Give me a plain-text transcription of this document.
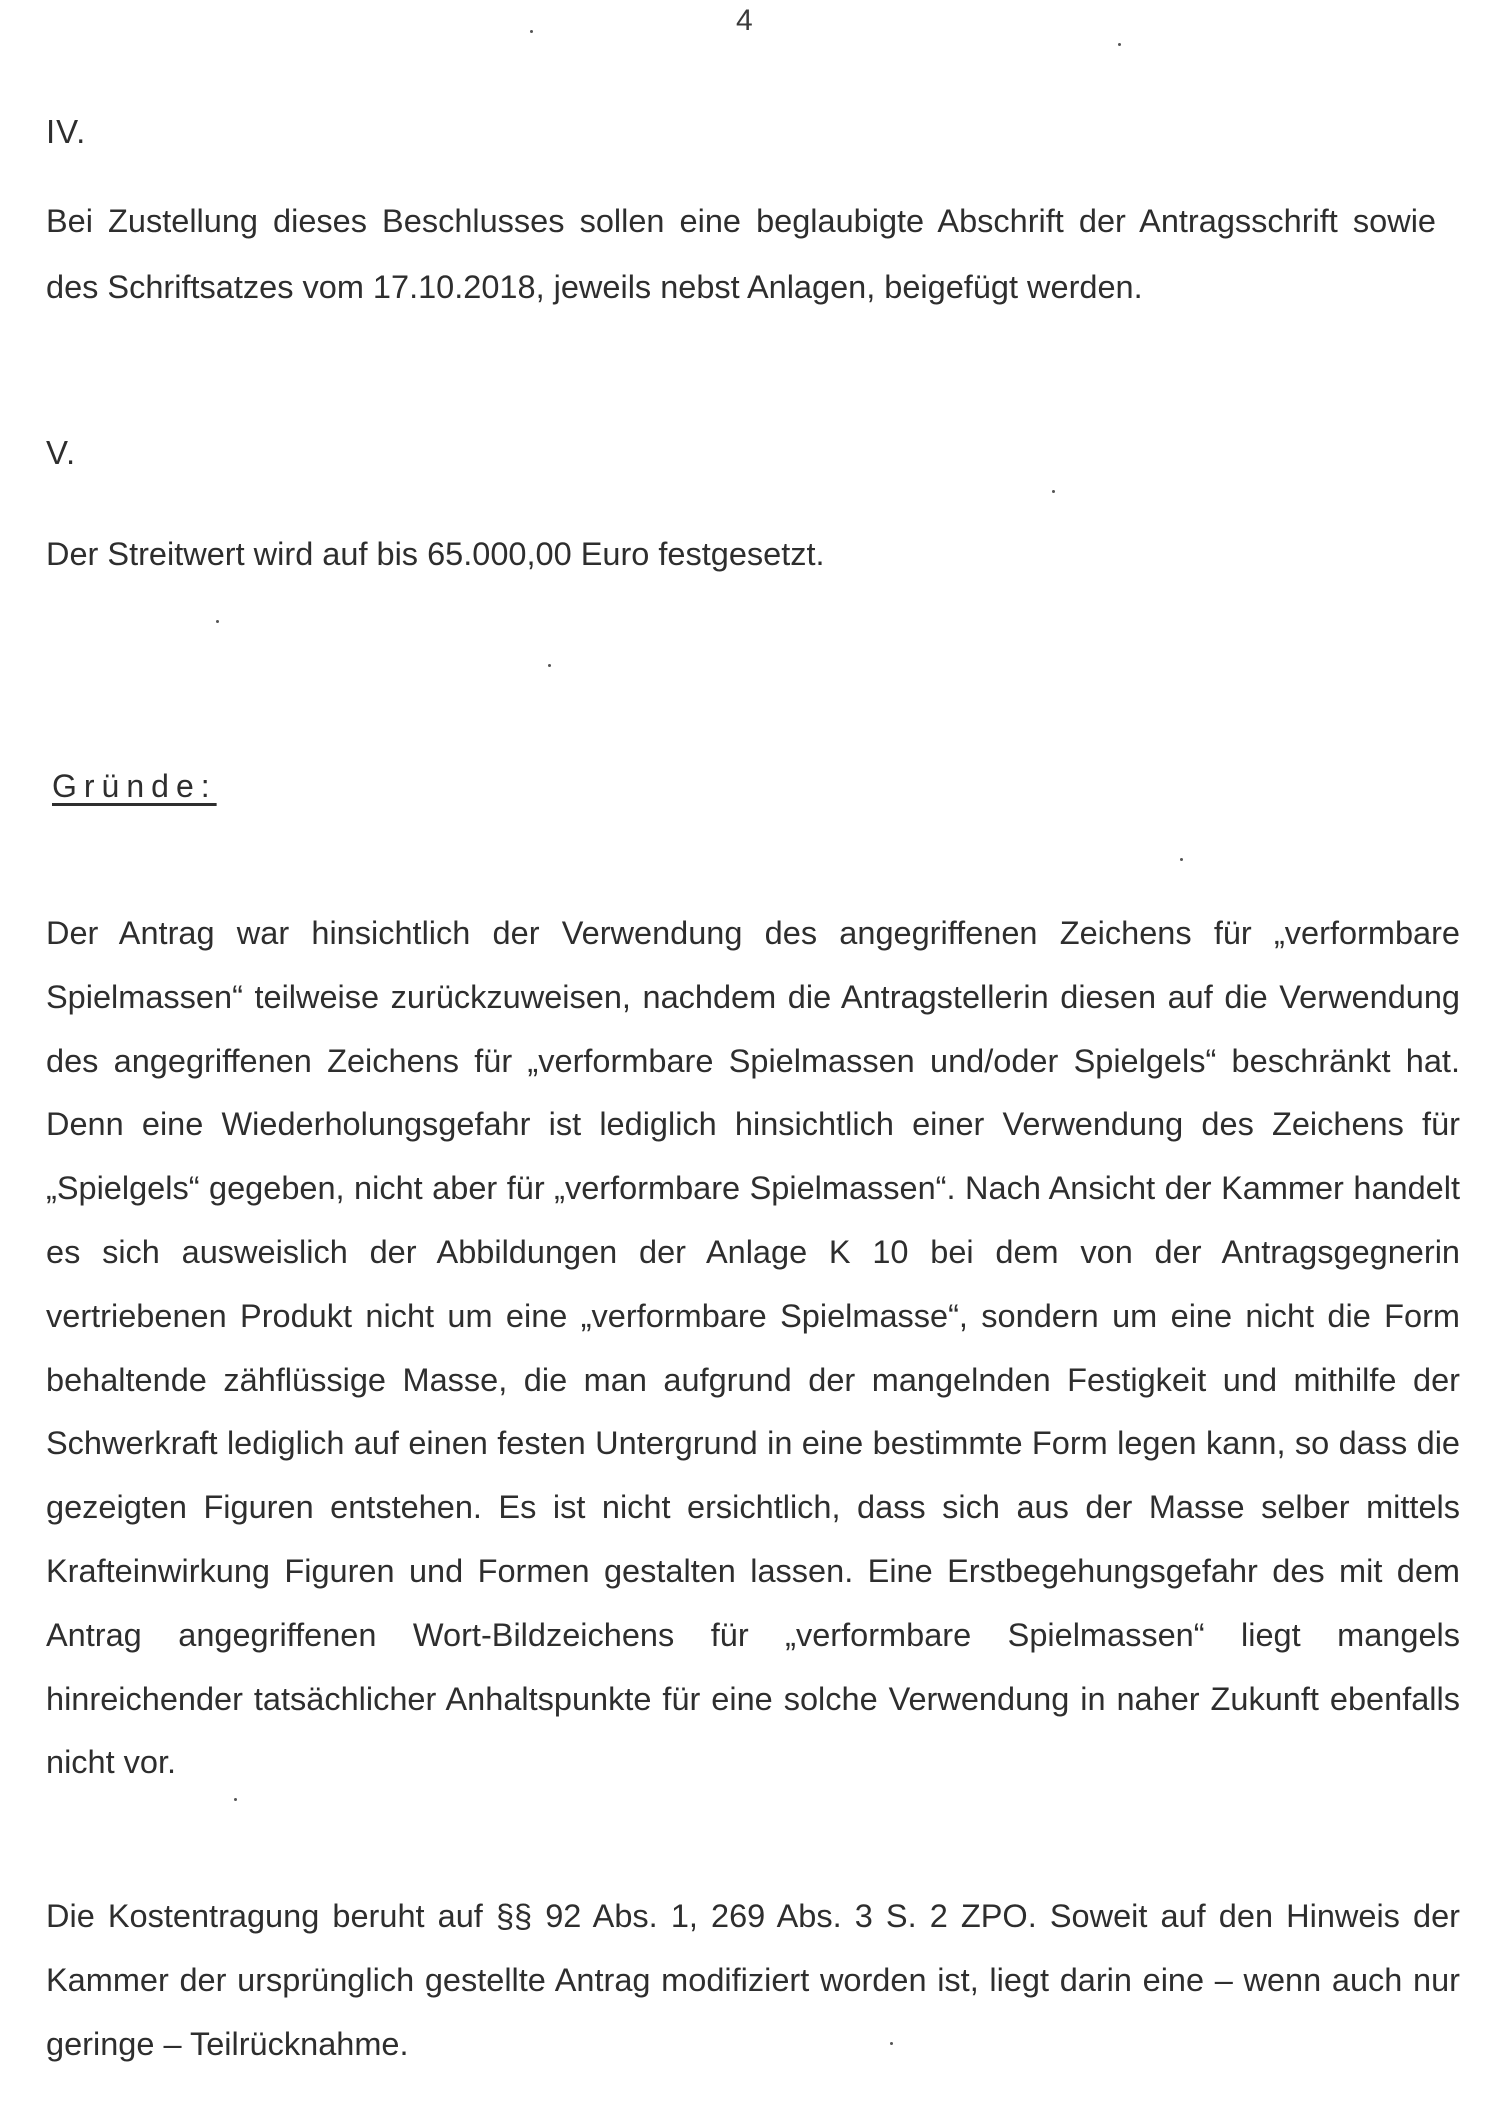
4
IV.

Bei Zustellung dieses Beschlusses sollen eine beglaubigte Abschrift der Antragsschrift sowie des Schriftsatzes vom 17.10.2018, jeweils nebst Anlagen, beigefügt werden.

V.

Der Streitwert wird auf bis 65.000,00 Euro festgesetzt.

Gründe:

Der Antrag war hinsichtlich der Verwendung des angegriffenen Zeichens für „verformbare Spielmassen“ teilweise zurückzuweisen, nachdem die Antragstellerin diesen auf die Verwendung des angegriffenen Zeichens für „verformbare Spielmassen und/oder Spielgels“ beschränkt hat. Denn eine Wiederholungsgefahr ist lediglich hinsichtlich einer Verwendung des Zeichens für „Spielgels“ gegeben, nicht aber für „verformbare Spielmassen“. Nach Ansicht der Kammer handelt es sich ausweislich der Abbildungen der Anlage K 10 bei dem von der Antragsgegnerin vertriebenen Produkt nicht um eine „verformbare Spielmasse“, sondern um eine nicht die Form behaltende zähflüssige Masse, die man aufgrund der mangelnden Festigkeit und mithilfe der Schwerkraft lediglich auf einen festen Untergrund in eine bestimmte Form legen kann, so dass die gezeigten Figuren entstehen. Es ist nicht ersichtlich, dass sich aus der Masse selber mittels Krafteinwirkung Figuren und Formen gestalten lassen. Eine Erstbegehungsgefahr des mit dem Antrag angegriffenen Wort-Bildzeichens für „verformbare Spielmassen“ liegt mangels hinreichender tatsächlicher Anhaltspunkte für eine solche Verwendung in naher Zukunft ebenfalls nicht vor.

Die Kostentragung beruht auf §§ 92 Abs. 1, 269 Abs. 3 S. 2 ZPO. Soweit auf den Hinweis der Kammer der ursprünglich gestellte Antrag modifiziert worden ist, liegt darin eine – wenn auch nur geringe – Teilrücknahme.
